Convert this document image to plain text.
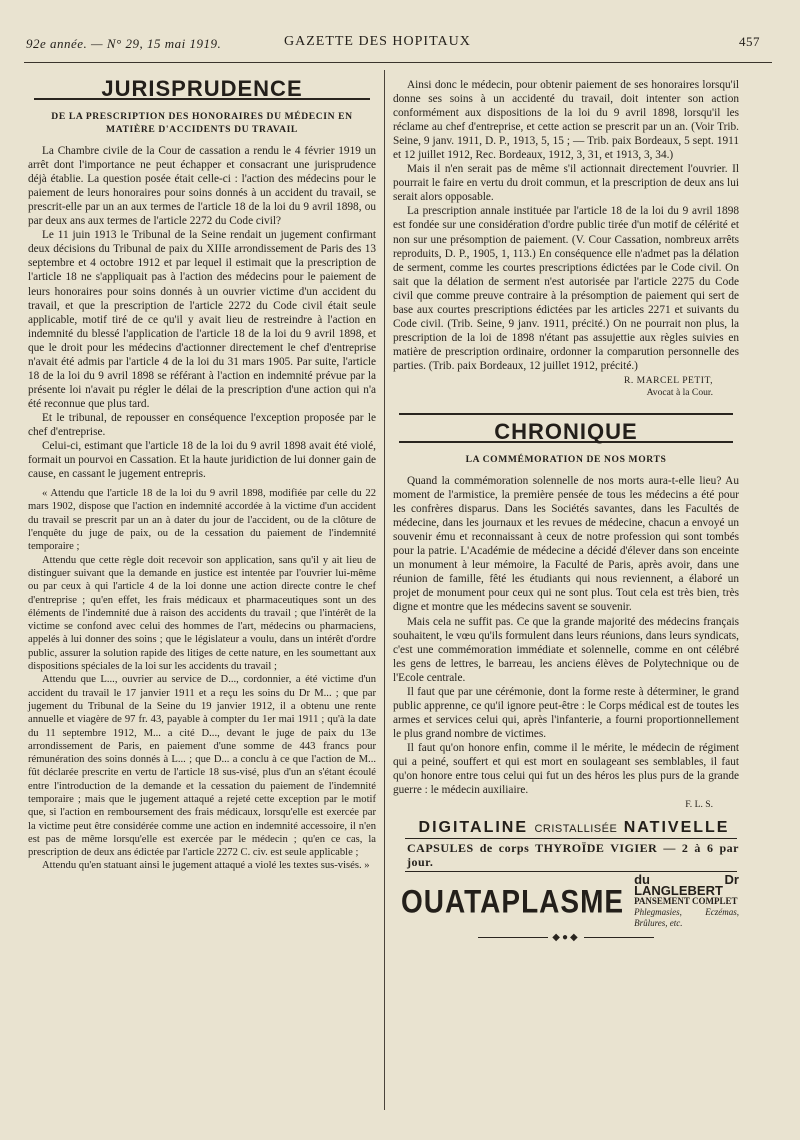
92e année. — N° 29, 15 mai 1919.	GAZETTE DES HOPITAUX	457
JURISPRUDENCE
DE LA PRESCRIPTION DES HONORAIRES DU MÉDECIN EN MATIÈRE D'ACCIDENTS DU TRAVAIL

La Chambre civile de la Cour de cassation a rendu le 4 février 1919 un arrêt dont l'importance ne peut échapper et consacrant une jurisprudence déjà établie. La question posée était celle-ci : l'action des médecins pour le paiement de leurs honoraires pour soins donnés à un accident du travail, se prescrit-elle par un an aux termes de l'article 18 de la loi du 9 avril 1898, ou par deux ans aux termes de l'article 2272 du Code civil?

Le 11 juin 1913 le Tribunal de la Seine rendait un jugement confirmant deux décisions du Tribunal de paix du XIIIe arrondissement de Paris des 13 septembre et 4 octobre 1912 et par lequel il estimait que la prescription de l'article 18 ne s'appliquait pas à l'action des médecins pour le paiement de leurs honoraires pour soins donnés à un ouvrier victime d'un accident du travail, et que la prescription de l'article 2272 du Code civil était seule applicable, motif tiré de ce qu'il y avait lieu de restreindre à l'action en indemnité du blessé l'application de l'article 18 de la loi du 9 avril 1898, et que le droit pour les médecins d'actionner directement le chef d'entreprise n'avait été admis par l'article 4 de la loi du 31 mars 1905. Par suite, l'article 18 de la loi du 9 avril 1898 se référant à l'action en indemnité prévue par la présente loi n'avait pu régler le délai de la prescription d'une action qui n'a été reconnue que plus tard.

Et le tribunal, de repousser en conséquence l'exception proposée par le chef d'entreprise.

Celui-ci, estimant que l'article 18 de la loi du 9 avril 1898 avait été violé, formait un pourvoi en Cassation. Et la haute juridiction de lui donner gain de cause, en cassant le jugement entrepris.

« Attendu que l'article 18 de la loi du 9 avril 1898, modifiée par celle du 22 mars 1902, dispose que l'action en indemnité accordée à la victime d'un accident du travail se prescrit par un an à dater du jour de l'accident, ou de la clôture de l'enquête du juge de paix, ou de la cessation du paiement de l'indemnité temporaire ;

Attendu que cette règle doit recevoir son application, sans qu'il y ait lieu de distinguer suivant que la demande en justice est intentée par l'ouvrier lui-même ou par ceux à qui l'article 4 de la loi donne une action directe contre le chef d'entreprise ; qu'en effet, les frais médicaux et pharmaceutiques sont un des éléments de l'indemnité due à raison des accidents du travail ; que l'intérêt de la victime se confond avec celui des hommes de l'art, médecins ou pharmaciens, appelés à lui donner des soins ; que le législateur a voulu, dans un intérêt d'ordre public, assurer la solution rapide des litiges de cette nature, en les soumettant aux dispositions spéciales de la loi sur les accidents du travail ;

Attendu que L..., ouvrier au service de D..., cordonnier, a été victime d'un accident du travail le 17 janvier 1911 et a reçu les soins du Dr M... ; que par jugement du Tribunal de la Seine du 19 janvier 1912, il a obtenu une rente annuelle et viagère de 97 fr. 43, payable à compter du 1er mai 1911 ; qu'à la date du 11 septembre 1912, M... a cité D..., devant le juge de paix du 13e arrondissement de Paris, en paiement d'une somme de 443 francs pour rémunération des soins donnés à L... ; que D... a conclu à ce que l'action de M... fût déclarée prescrite en vertu de l'article 18 sus-visé, plus d'un an s'étant écoulé entre l'introduction de la demande et la cessation du paiement de l'indemnité temporaire ; mais que le jugement attaqué a rejeté cette exception par le motif que, si l'action en remboursement des frais médicaux, lorsqu'elle est exercée par la victime peut être considérée comme une action en indemnité accessoire, il n'en est pas de même lorsqu'elle est exercée par le médecin ; qu'en ce cas, la prescription de deux ans édictée par l'article 2272 C. civ. est seule applicable ;

Attendu qu'en statuant ainsi le jugement attaqué a violé les textes sus-visés. »

Ainsi donc le médecin, pour obtenir paiement de ses honoraires lorsqu'il donne ses soins à un accidenté du travail, doit intenter son action conformément aux dispositions de la loi du 9 avril 1898, lorsqu'il les réclame au chef d'entreprise, et cette action se prescrit par un an. (Voir Trib. Seine, 9 janv. 1911, D. P., 1913, 5, 15 ; — Trib. paix Bordeaux, 5 sept. 1911 et 12 juillet 1912, Rec. Bordeaux, 1912, 3, 31, et 1913, 3, 34.)

Mais il n'en serait pas de même s'il actionnait directement l'ouvrier. Il pourrait le faire en vertu du droit commun, et la prescription de deux ans lui serait alors opposable.

La prescription annale instituée par l'article 18 de la loi du 9 avril 1898 est fondée sur une considération d'ordre public tirée d'un motif de célérité et non sur une présomption de paiement. (V. Cour Cassation, nombreux arrêts reproduits, D. P., 1905, 1, 113.) En conséquence elle n'admet pas la délation de serment, comme les courtes prescriptions édictées par le Code civil. On sait que la délation de serment n'est autorisée par l'article 2275 du Code civil que comme preuve contraire à la présomption de paiement qui sert de base aux courtes prescriptions édictées par les articles 2271 et suivants du Code civil. (Trib. Seine, 9 janv. 1911, précité.) On ne pourrait non plus, la prescription de la loi de 1898 n'étant pas assujettie aux règles suivies en matière de prescription ordinaire, ordonner la comparution personnelle des parties. (Trib. paix Bordeaux, 12 juillet 1912, précité.)

R. MARCEL PETIT,
Avocat à la Cour.
CHRONIQUE
LA COMMÉMORATION DE NOS MORTS

Quand la commémoration solennelle de nos morts aura-t-elle lieu? Au moment de l'armistice, la première pensée de tous les médecins a été pour les confrères disparus. Dans les Sociétés savantes, dans les Facultés de médecine, dans les journaux et les revues de médecine, chacun a envoyé un souvenir ému et reconnaissant à ceux de notre profession qui sont tombés pour la patrie. L'Académie de médecine a décidé d'élever dans son enceinte un monument à leur mémoire, la Faculté de Paris, après avoir, dans une réunion de famille, fêté les étudiants qui nous reviennent, a élaboré un projet de monument pour ceux qui ne sont plus. Tout cela est très bien, très digne et montre que les médecins savent se souvenir.

Mais cela ne suffit pas. Ce que la grande majorité des médecins français souhaitent, le vœu qu'ils formulent dans leurs réunions, dans leurs syndicats, c'est une commémoration immédiate et solennelle, comme en ont célébré les gens de lettres, le barreau, les anciens élèves de Polytechnique ou de l'Ecole centrale.

Il faut que par une cérémonie, dont la forme reste à déterminer, le grand public apprenne, ce qu'il ignore peut-être : le Corps médical est de toutes les armes et services celui qui, après l'infanterie, a fourni proportionnellement le plus grand nombre de victimes.

Il faut qu'on honore enfin, comme il le mérite, le médecin de régiment qui a peiné, souffert et qui est mort en soulageant ses semblables, il faut qu'on honore entre tous celui qui fut un des héros les plus purs de la grande guerre : le médecin auxiliaire.

F. L. S.
DIGITALINE CRISTALLISÉE NATIVELLE
CAPSULES de corps THYROÏDE VIGIER — 2 à 6 par jour.
OUATAPLASME
du Dr LANGLEBERT
PANSEMENT COMPLET
Phlegmasies, Eczémas, Brûlures, etc.
◆●◆
